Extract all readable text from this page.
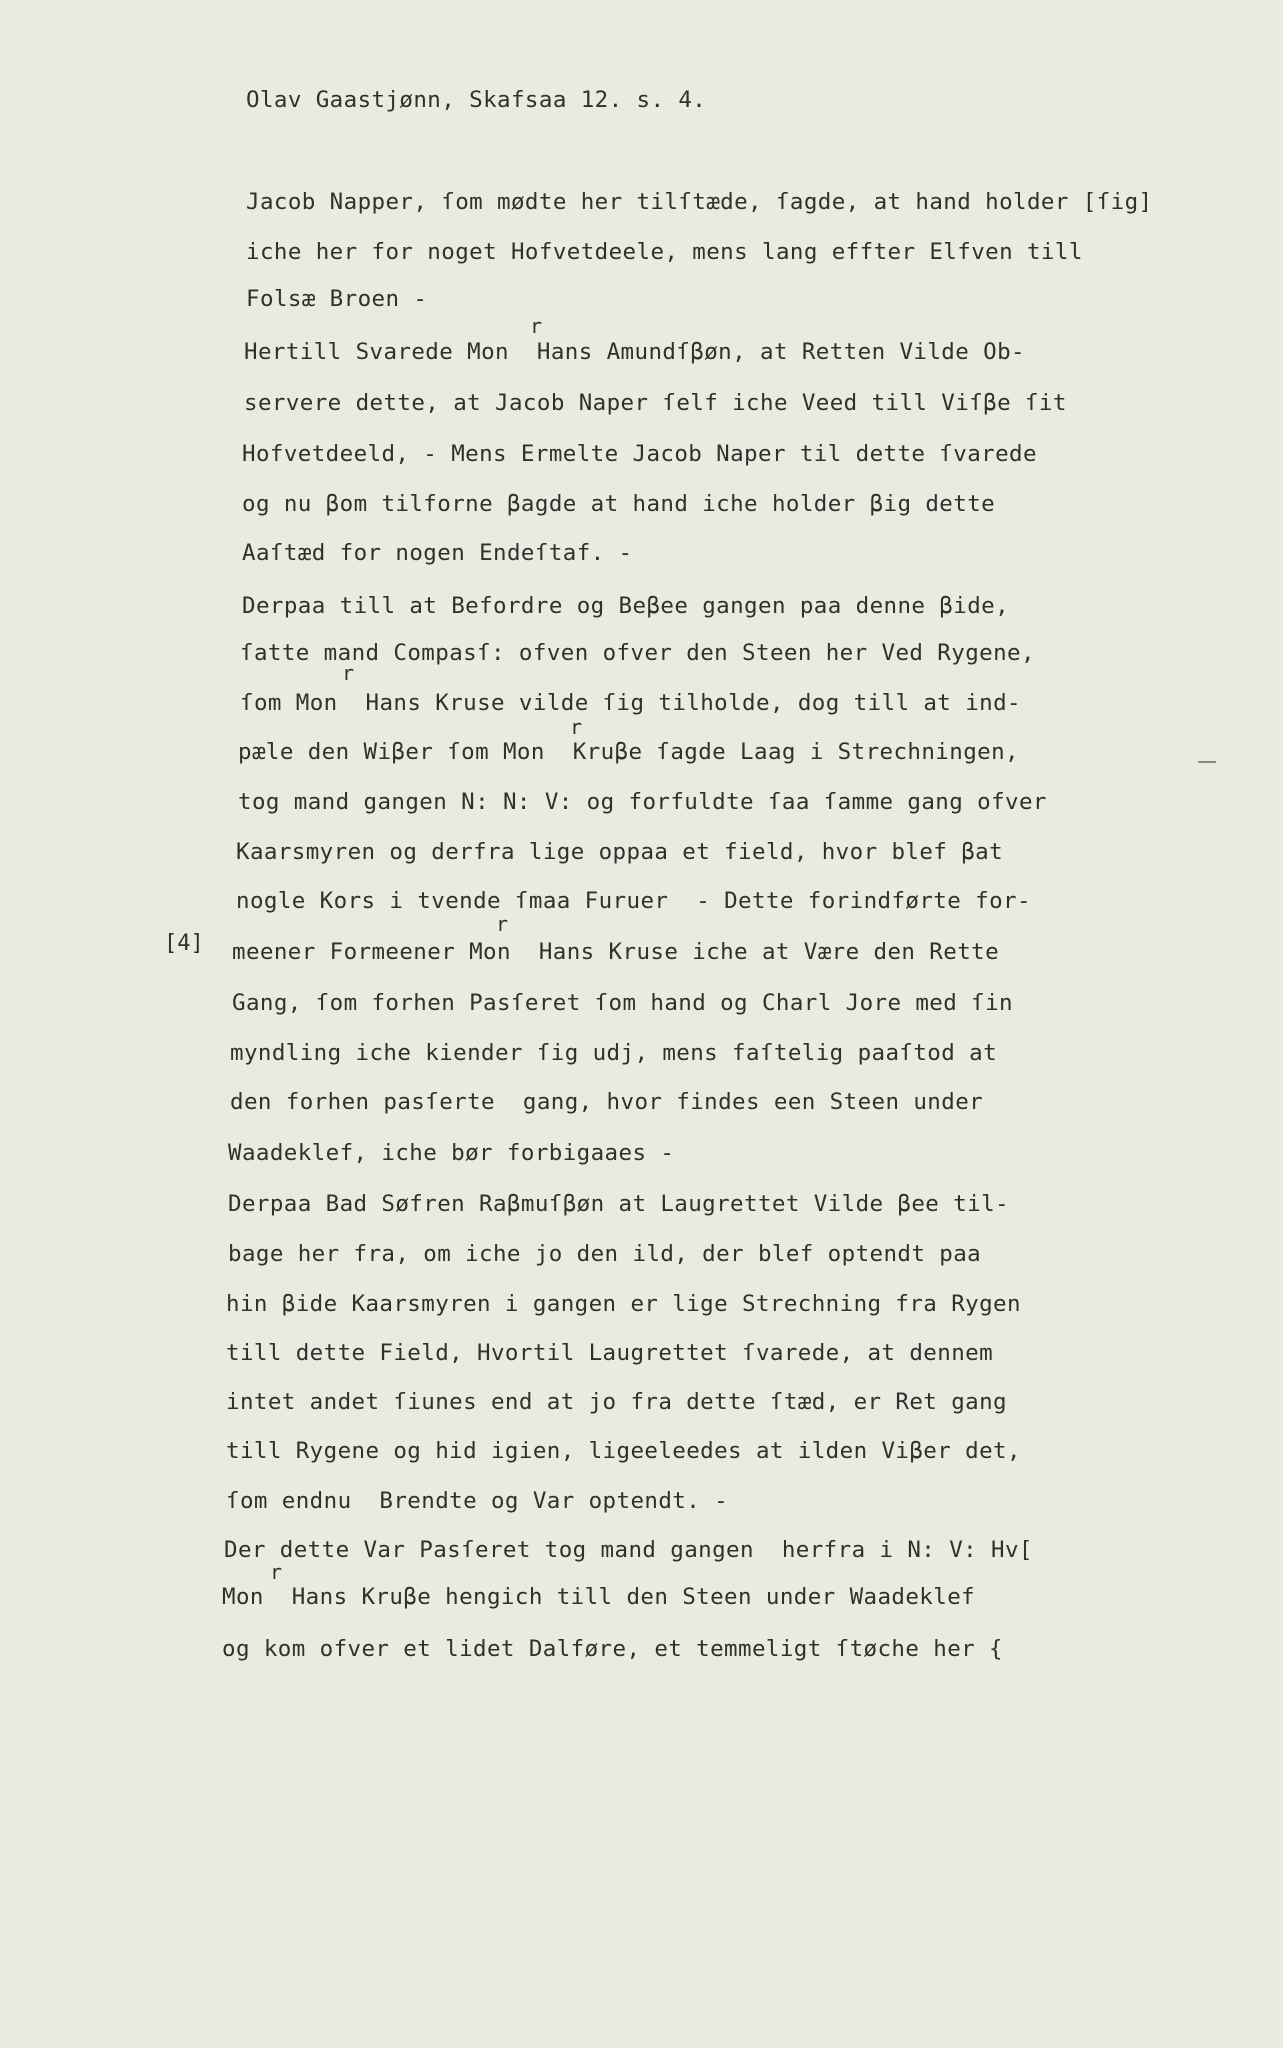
Olav Gaastjønn, Skafsaa 12. s. 4.
Jacob Napper, ſom mødte her tilſtæde, ſagde, at hand holder [ſig]
iche her for noget Hofvetdeele, mens lang effter Elfven till
Folsæ Broen -
r
Hertill Svarede Mon  Hans Amundſβøn, at Retten Vilde Ob-
servere dette, at Jacob Naper ſelf iche Veed till Viſβe ſit
Hofvetdeeld, - Mens Ermelte Jacob Naper til dette ſvarede
og nu βom tilforne βagde at hand iche holder βig dette
Aaſtæd for nogen Endeſtaf. -
Derpaa till at Befordre og Beβee gangen paa denne βide,
ſatte mand Compasſ: ofven ofver den Steen her Ved Rygene,
r
ſom Mon  Hans Kruse vilde ſig tilholde, dog till at ind-
r
pæle den Wiβer ſom Mon  Kruβe ſagde Laag i Strechningen,
tog mand gangen N: N: V: og forfuldte ſaa ſamme gang ofver
Kaarsmyren og derfra lige oppaa et field, hvor blef βat
nogle Kors i tvende ſmaa Furuer  - Dette forindførte for-
[4]
r
meener Formeener Mon  Hans Kruse iche at Være den Rette
Gang, ſom forhen Pasſeret ſom hand og Charl Jore med ſin
myndling iche kiender ſig udj, mens faſtelig paaſtod at
den forhen pasſerte  gang, hvor findes een Steen under
Waadeklef, iche bør forbigaaes -
Derpaa Bad Søfren Raβmuſβøn at Laugrettet Vilde βee til-
bage her fra, om iche jo den ild, der blef optendt paa
hin βide Kaarsmyren i gangen er lige Strechning fra Rygen
till dette Field, Hvortil Laugrettet ſvarede, at dennem
intet andet ſiunes end at jo fra dette ſtæd, er Ret gang
till Rygene og hid igien, ligeeleedes at ilden Viβer det,
ſom endnu  Brendte og Var optendt. -
Der dette Var Pasſeret tog mand gangen  herfra i N: V: Hv[
r
Mon  Hans Kruβe hengich till den Steen under Waadeklef
og kom ofver et lidet Dalføre, et temmeligt ſtøche her {
